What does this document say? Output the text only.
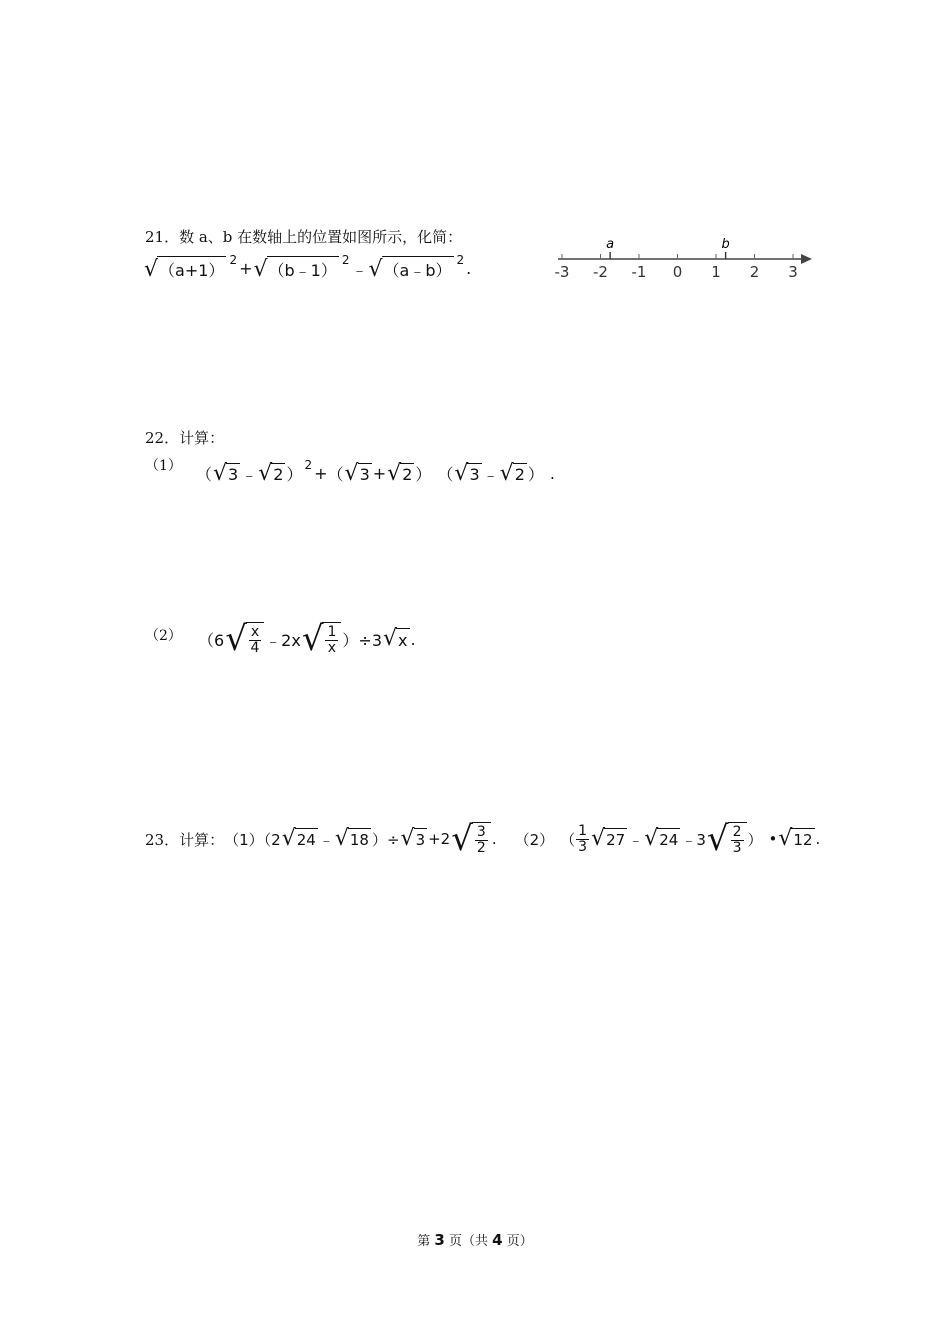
21．数 a、b 在数轴上的位置如图所示，化简：
√ （a+1）
2 + √ （b﹣1）
2
﹣ √ （a﹣b）
2 .	-3 -2 -1 0 1 2 3
a	b
22．计算：
（1） （ √ 3 ﹣ √ 2 ）
2 + （ √ 3 + √ 2 ） （ √ 3 ﹣ √ 2 ） .
（2） （6 √ $\frac{x}{4}$ ﹣2x √ $\frac{1}{x} )\div 3$ √ x .
23．计算： （1）（2 √ 24 ﹣ √ 18 ）÷ √ 3 +2 √ $\frac{3}{2}$ . （2） （ $\frac{1}{3}$ √ 27 ﹣ √ 24 ﹣3 √ $\frac{2}{3}$ ） • √ 12 .
第 3 页（共 4 页）
